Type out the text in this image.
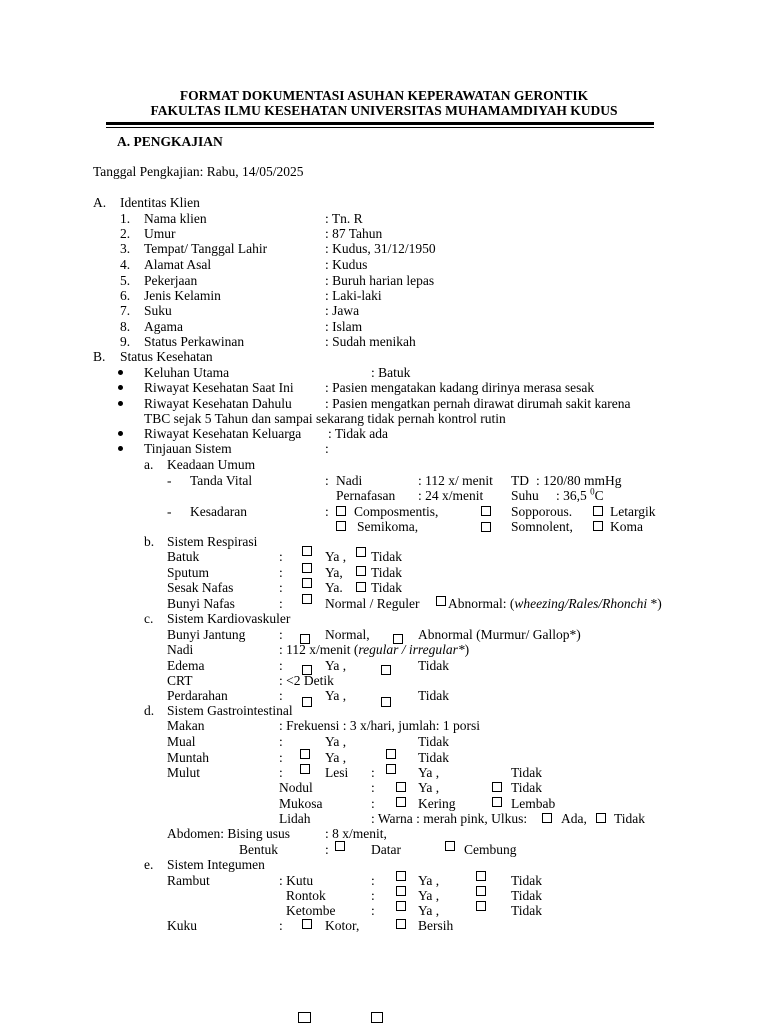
FORMAT DOKUMENTASI ASUHAN KEPERAWATAN GERONTIK
FAKULTAS ILMU KESEHATAN UNIVERSITAS MUHAMAMDIYAH KUDUS
A. PENGKAJIAN
Tanggal Pengkajian: Rabu, 14/05/2025
A. Identitas Klien
1. Nama klien	: Tn. R
2. Umur	: 87 Tahun
3. Tempat/ Tanggal Lahir	: Kudus, 31/12/1950
4. Alamat Asal	: Kudus
5. Pekerjaan	: Buruh harian lepas
6. Jenis Kelamin	: Laki-laki
7. Suku	: Jawa
8. Agama	: Islam
9. Status Perkawinan	: Sudah menikah
B. Status Kesehatan
Keluhan Utama	: Batuk
Riwayat Kesehatan Saat Ini : Pasien mengatakan kadang dirinya merasa sesak
Riwayat Kesehatan Dahulu : Pasien mengatkan pernah dirawat dirumah sakit karena
TBC sejak 5 Tahun dan sampai sekarang tidak pernah kontrol rutin
Riwayat Kesehatan Keluarga : Tidak ada
Tinjauan Sistem	:
a. Keadaan Umum
- Tanda Vital	: Nadi	: 112 x/ menit TD : 120/80 mmHg
Pernafasan : 24 x/menit Suhu : 36,5 $^0$C
- Kesadaran	: Composmentis,	Sopporous.	Letargik
Semikoma,	Somnolent,	Koma
b. Sistem Respirasi
Batuk	:	Ya , Tidak
Sputum	:	Ya, Tidak
Sesak Nafas	:	Ya. Tidak
Bunyi Nafas	:	Normal / Reguler Abnormal: (wheezing/Rales/Rhonchi *)
c. Sistem Kardiovaskuler
Bunyi Jantung :	Normal,	Abnormal (Murmur/ Gallop*)
Nadi	: 112 x/menit (regular / irregular*)
Edema	:	Ya ,	Tidak
CRT	: <2 Detik
Perdarahan	:	Ya ,	Tidak
d. Sistem Gastrointestinal
Makan	: Frekuensi : 3 x/hari, jumlah: 1 porsi
Mual	:	Ya ,	Tidak
Muntah	:	Ya ,	Tidak
Mulut	:	Lesi :	Ya ,	Tidak
Nodul	:	Ya ,	Tidak
Mukosa	:	Kering	Lembab
Lidah	: Warna : merah pink, Ulkus:	Ada, Tidak
Abdomen: Bising usus	: 8 x/menit,
Bentuk	:	Datar	Cembung
e. Sistem Integumen
Rambut	: Kutu	:	Ya ,	Tidak
Rontok	:	Ya ,	Tidak
Ketombe	:	Ya ,	Tidak
Kuku	:	Kotor,	Bersih
